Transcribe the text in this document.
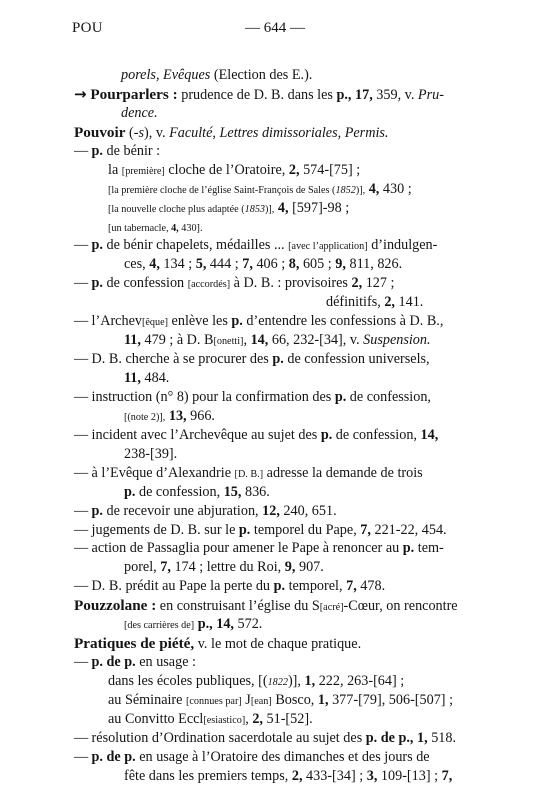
POU	— 644 —
porels, Evêques (Election des E.).
→ Pourparlers : prudence de D. B. dans les p., 17, 359, v. Pru-
dence.
Pouvoir (-s), v. Faculté, Lettres dimissoriales, Permis.
— p. de bénir :
la [première] cloche de l’Oratoire, 2, 574-[75] ;
[la première cloche de l’église Saint-François de Sales (1852)], 4, 430 ;
[la nouvelle cloche plus adaptée (1853)], 4, [597]-98 ;
[un tabernacle, 4, 430].
— p. de bénir chapelets, médailles ... [avec l’application] d’indulgen-
ces, 4, 134 ; 5, 444 ; 7, 406 ; 8, 605 ; 9, 811, 826.
— p. de confession [accordés] à D. B. : provisoires 2, 127 ;
définitifs, 2, 141.
— l’Archev[êque] enlève les p. d’entendre les confessions à D. B.,
11, 479 ; à D. B[onetti], 14, 66, 232-[34], v. Suspension.
— D. B. cherche à se procurer des p. de confession universels,
11, 484.
— instruction (n° 8) pour la confirmation des p. de confession,
[(note 2)], 13, 966.
— incident avec l’Archevêque au sujet des p. de confession, 14,
238-[39].
— à l’Evêque d’Alexandrie [D. B.] adresse la demande de trois
p. de confession, 15, 836.
— p. de recevoir une abjuration, 12, 240, 651.
— jugements de D. B. sur le p. temporel du Pape, 7, 221-22, 454.
— action de Passaglia pour amener le Pape à renoncer au p. tem-
porel, 7, 174 ; lettre du Roi, 9, 907.
— D. B. prédit au Pape la perte du p. temporel, 7, 478.
Pouzzolane : en construisant l’église du S[acré]-Cœur, on rencontre
[des carrières de] p., 14, 572.
Pratiques de piété, v. le mot de chaque pratique.
— p. de p. en usage :
dans les écoles publiques, [(1822)], 1, 222, 263-[64] ;
au Séminaire [connues par] J[ean] Bosco, 1, 377-[79], 506-[507] ;
au Convitto Eccl[esiastico], 2, 51-[52].
— résolution d’Ordination sacerdotale au sujet des p. de p., 1, 518.
— p. de p. en usage à l’Oratoire des dimanches et des jours de
fête dans les premiers temps, 2, 433-[34] ; 3, 109-[13] ; 7,
